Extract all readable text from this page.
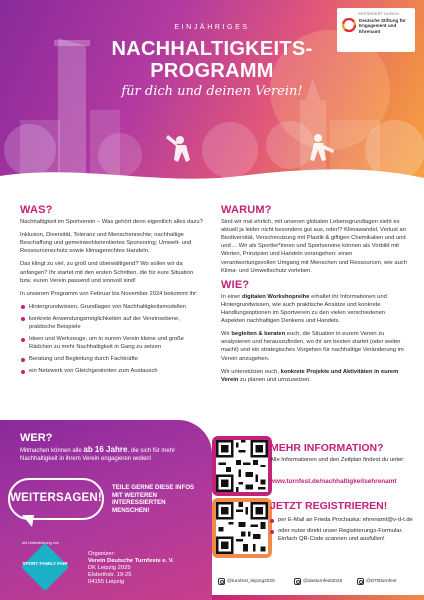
GEFÖRDERT DURCH
Deutsche Stiftung für Engagement und Ehrenamt
EINJÄHRIGES
NACHHALTIGKEITS-
PROGRAMM
für dich und deinen Verein!
WAS?

Nachhaltigkeit im Sportverein – Was gehört denn eigentlich alles dazu?

Inklusion, Diversität, Toleranz und Menschenrechte; nachhaltige Beschaffung und gemeinwohlorientiertes Sponsoring; Umwelt- und Ressourcenschutz sowie klimagerechtes Handeln.

Das klingt zu viel, zu groß und überwältigend? Wo sollen wir da anfangen? Ihr startet mit den ersten Schritten, die für eure Situation bzw. euren Verein passend und sinnvoll sind!

In unserem Programm von Februar bis November 2024 bekommt ihr:

Hintergrundwissen, Grundlagen von Nachhaltigkeitsmodellen
konkrete Anwendungsmöglichkeiten auf der Vereinsebene, praktische Beispiele
Ideen und Werkzeuge, um in eurem Verein kleine und große Rädchen zu mehr Nachhaltigkeit in Gang zu setzen
Beratung und Begleitung durch Fachkräfte
ein Netzwerk von Gleichgesinnten zum Austausch
WARUM?

Sind wir mal ehrlich, mit unseren globalen Lebensgrundlagen sieht es aktuell ja leider nicht besonders gut aus, oder!? Klimawandel, Verlust an Biodiversität, Verschmutzung mit Plastik & giftigen Chemikalien und und und ... Wir als Sportler*innen und Sportvereine können als Vorbild mit Werten, Prinzipien und Handeln vorangehen: einen verantwortungsvollen Umgang mit Menschen und Ressourcen, wie auch Klima- und Umweltschutz vorleben.

WIE?

In einer digitalen Workshopreihe erhaltet ihr Informationen und Hintergrundwissen, wie auch praktische Ansätze und konkrete Handlungsoptionen im Sportverein zu den vielen verschiedenen Aspekten nachhaltigen Denkens und Handels.

Wir begleiten & beraten euch, die Situation in eurem Verein zu analysieren und herauszufinden, wo ihr am besten startet (oder weiter macht) und ein strategisches Vorgehen für nachhaltige Veränderung im Verein anzugehen.

Wir unterstützen euch, konkrete Projekte und Aktivitäten in eurem Verein zu planen und umzusetzen.

WER?
Mitmachen können alle ab 16 Jahre, die sich für mehr Nachhaltigkeit in ihrem Verein engagieren wollen!
WEITERSAGEN!
TEILE GERNE DIESE INFOS MIT WEITEREN INTERESSIERTEN MENSCHEN!
mit Unterstützung von
SPORT FAMILY FAIR
Organizer:
Verein Deutsche Turnfeste e. V.
DK Leipzig 2025
Elsbethstr. 19-25
04155 Leipzig
MEHR INFORMATION?
Alle Informationen und den Zeitplan findest du unter:
www.turnfest.de/nachhaltigkeitsehrenamt
JETZT REGISTRIEREN!
per E-Mail an Frieda Prochaska: ehrenamt@v-d-t.de
oder nutze direkt unser Registrierungs-Formular. Einfach QR-Code scannen und ausfüllen!
@turnfest_leipzig2025	@dasturnfest2025	@DTBturnfest
